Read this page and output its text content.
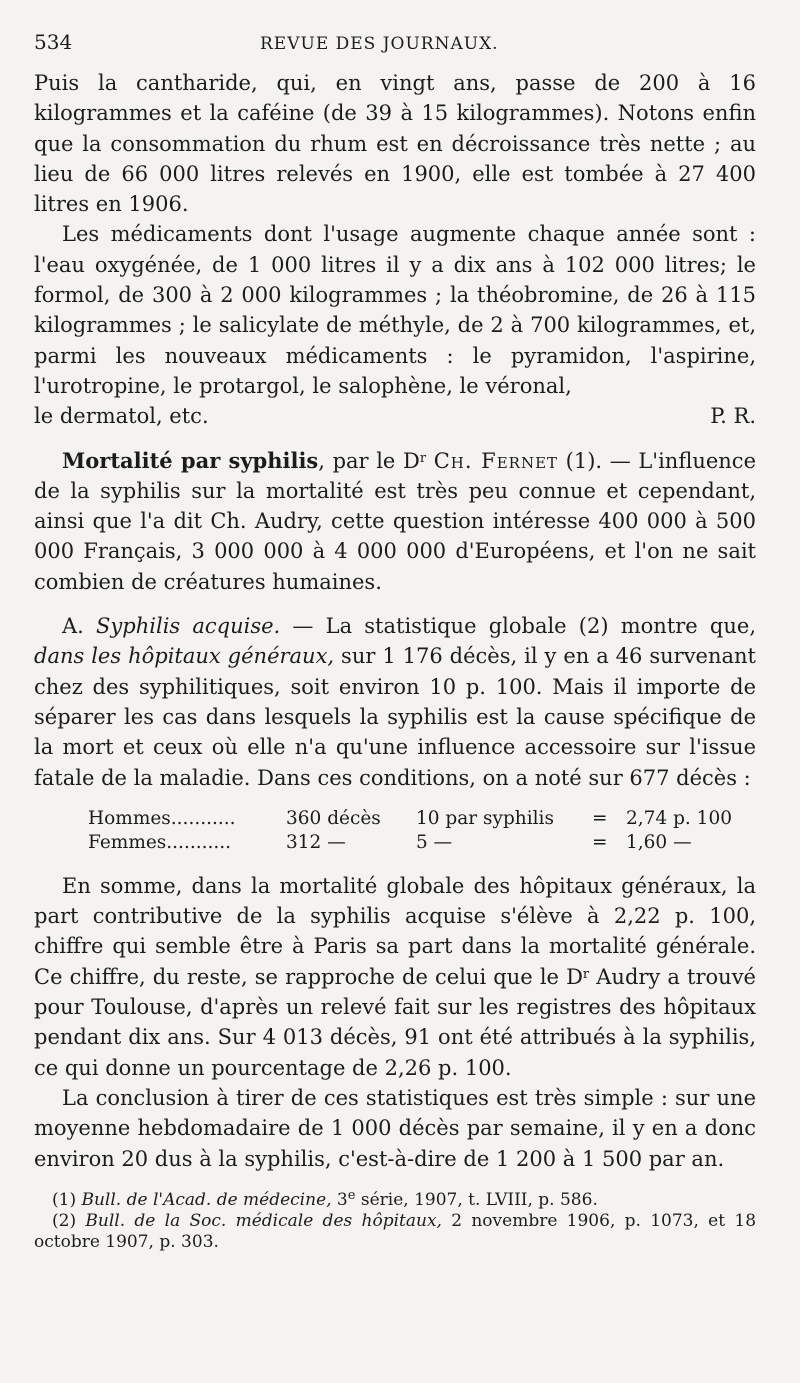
534	REVUE DES JOURNAUX.

Puis la cantharide, qui, en vingt ans, passe de 200 à 16 kilogrammes et la caféine (de 39 à 15 kilogrammes). Notons enfin que la consommation du rhum est en décroissance très nette ; au lieu de 66 000 litres relevés en 1900, elle est tombée à 27 400 litres en 1906.

Les médicaments dont l'usage augmente chaque année sont : l'eau oxygénée, de 1 000 litres il y a dix ans à 102 000 litres; le formol, de 300 à 2 000 kilogrammes ; la théobromine, de 26 à 115 kilogrammes ; le salicylate de méthyle, de 2 à 700 kilogrammes, et, parmi les nouveaux médicaments : le pyramidon, l'aspirine, l'urotropine, le protargol, le salophène, le véronal,

le dermatol, etc.	P. R.

Mortalité par syphilis, par le $D^r$ Ch. Fernet (1). — L'influence de la syphilis sur la mortalité est très peu connue et cependant, ainsi que l'a dit Ch. Audry, cette question intéresse 400 000 à 500 000 Français, 3 000 000 à 4 000 000 d'Européens, et l'on ne sait combien de créatures humaines.

A. Syphilis acquise. — La statistique globale (2) montre que, dans les hôpitaux généraux, sur 1 176 décès, il y en a 46 survenant chez des syphilitiques, soit environ 10 p. 100. Mais il importe de séparer les cas dans lesquels la syphilis est la cause spécifique de la mort et ceux où elle n'a qu'une influence accessoire sur l'issue fatale de la maladie. Dans ces conditions, on a noté sur 677 décès :

Hommes...........	360 décès	10 par syphilis	= 2,74 p. 100
Femmes...........	312 —	5 —	= 1,60 —

En somme, dans la mortalité globale des hôpitaux généraux, la part contributive de la syphilis acquise s'élève à 2,22 p. 100, chiffre qui semble être à Paris sa part dans la mortalité générale. Ce chiffre, du reste, se rapproche de celui que le $D^r$ Audry a trouvé pour Toulouse, d'après un relevé fait sur les registres des hôpitaux pendant dix ans. Sur 4 013 décès, 91 ont été attribués à la syphilis, ce qui donne un pourcentage de 2,26 p. 100.

La conclusion à tirer de ces statistiques est très simple : sur une moyenne hebdomadaire de 1 000 décès par semaine, il y en a donc environ 20 dus à la syphilis, c'est-à-dire de 1 200 à 1 500 par an.

(1) Bull. de l'Acad. de médecine, 3e série, 1907, t. LVIII, p. 586.

(2) Bull. de la Soc. médicale des hôpitaux, 2 novembre 1906, p. 1073, et 18 octobre 1907, p. 303.
